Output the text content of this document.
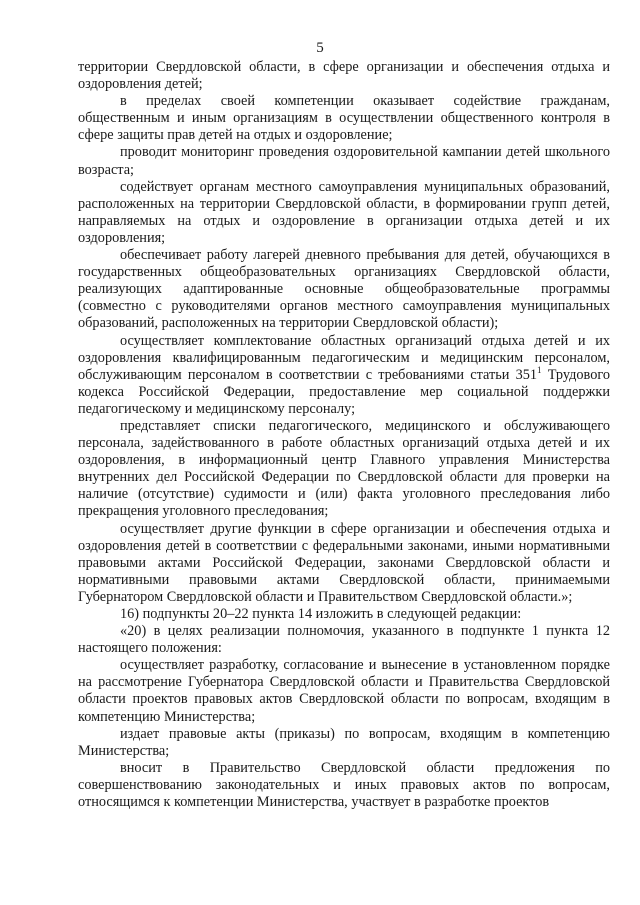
5

территории Свердловской области, в сфере организации и обеспечения отдыха и оздоровления детей;

в пределах своей компетенции оказывает содействие гражданам, общественным и иным организациям в осуществлении общественного контроля в сфере защиты прав детей на отдых и оздоровление;

проводит мониторинг проведения оздоровительной кампании детей школьного возраста;

содействует органам местного самоуправления муниципальных образований, расположенных на территории Свердловской области, в формировании групп детей, направляемых на отдых и оздоровление в организации отдыха детей и их оздоровления;

обеспечивает работу лагерей дневного пребывания для детей, обучающихся в государственных общеобразовательных организациях Свердловской области, реализующих адаптированные основные общеобразовательные программы (совместно с руководителями органов местного самоуправления муниципальных образований, расположенных на территории Свердловской области);

осуществляет комплектование областных организаций отдыха детей и их оздоровления квалифицированным педагогическим и медицинским персоналом, обслуживающим персоналом в соответствии с требованиями статьи $351^1$ Трудового кодекса Российской Федерации, предоставление мер социальной поддержки педагогическому и медицинскому персоналу;

представляет списки педагогического, медицинского и обслуживающего персонала, задействованного в работе областных организаций отдыха детей и их оздоровления, в информационный центр Главного управления Министерства внутренних дел Российской Федерации по Свердловской области для проверки на наличие (отсутствие) судимости и (или) факта уголовного преследования либо прекращения уголовного преследования;

осуществляет другие функции в сфере организации и обеспечения отдыха и оздоровления детей в соответствии с федеральными законами, иными нормативными правовыми актами Российской Федерации, законами Свердловской области и нормативными правовыми актами Свердловской области, принимаемыми Губернатором Свердловской области и Правительством Свердловской области.»;

16) подпункты 20–22 пункта 14 изложить в следующей редакции:

«20) в целях реализации полномочия, указанного в подпункте 1 пункта 12 настоящего положения:

осуществляет разработку, согласование и вынесение в установленном порядке на рассмотрение Губернатора Свердловской области и Правительства Свердловской области проектов правовых актов Свердловской области по вопросам, входящим в компетенцию Министерства;

издает правовые акты (приказы) по вопросам, входящим в компетенцию Министерства;

вносит в Правительство Свердловской области предложения по совершенствованию законодательных и иных правовых актов по вопросам, относящимся к компетенции Министерства, участвует в разработке проектов
